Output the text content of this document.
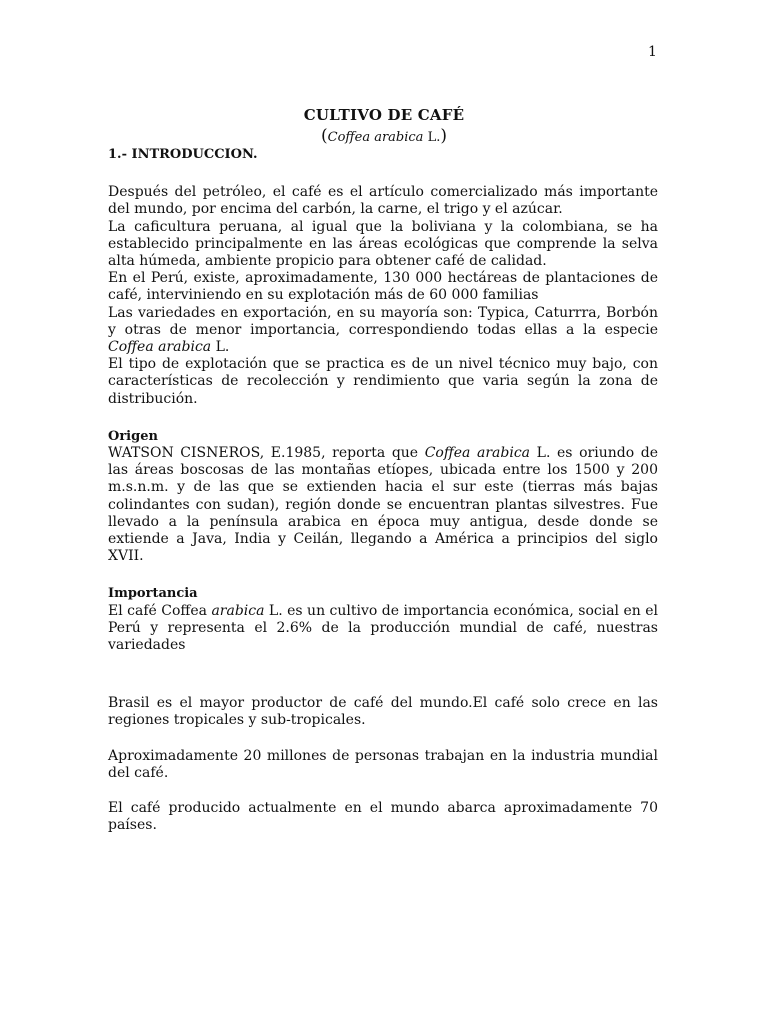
1
CULTIVO DE CAFÉ
(Coffea arabica L.)

1.- INTRODUCCION.

Después del petróleo, el café es el artículo comercializado más importante del mundo, por encima del carbón, la carne, el trigo y el azúcar.

La caficultura peruana, al igual que la boliviana y la colombiana, se ha establecido principalmente en las áreas ecológicas que comprende la selva alta húmeda, ambiente propicio para obtener café de calidad.

En el Perú, existe, aproximadamente, 130 000 hectáreas de plantaciones de café, interviniendo en su explotación más de 60 000 familias

Las variedades en exportación, en su mayoría son: Typica, Caturrra, Borbón y otras de menor importancia, correspondiendo todas ellas a la especie Coffea arabica L.

El tipo de explotación que se practica es de un nivel técnico muy bajo, con características de recolección y rendimiento que varia según la zona de distribución.

Origen

WATSON CISNEROS, E.1985, reporta que Coffea arabica L. es oriundo de las áreas boscosas de las montañas etíopes, ubicada entre los 1500 y 200 m.s.n.m. y de las que se extienden hacia el sur este (tierras más bajas colindantes con sudan), región donde se encuentran plantas silvestres. Fue llevado a la península arabica en época muy antigua, desde donde se extiende a Java, India y Ceilán, llegando a América a principios del siglo XVII.

Importancia

El café Coffea arabica L. es un cultivo de importancia económica, social en el Perú y representa el 2.6% de la producción mundial de café, nuestras variedades

Brasil es el mayor productor de café del mundo.El café solo crece en las regiones tropicales y sub-tropicales.

Aproximadamente 20 millones de personas trabajan en la industria mundial del café.

El café producido actualmente en el mundo abarca aproximadamente 70 países.
